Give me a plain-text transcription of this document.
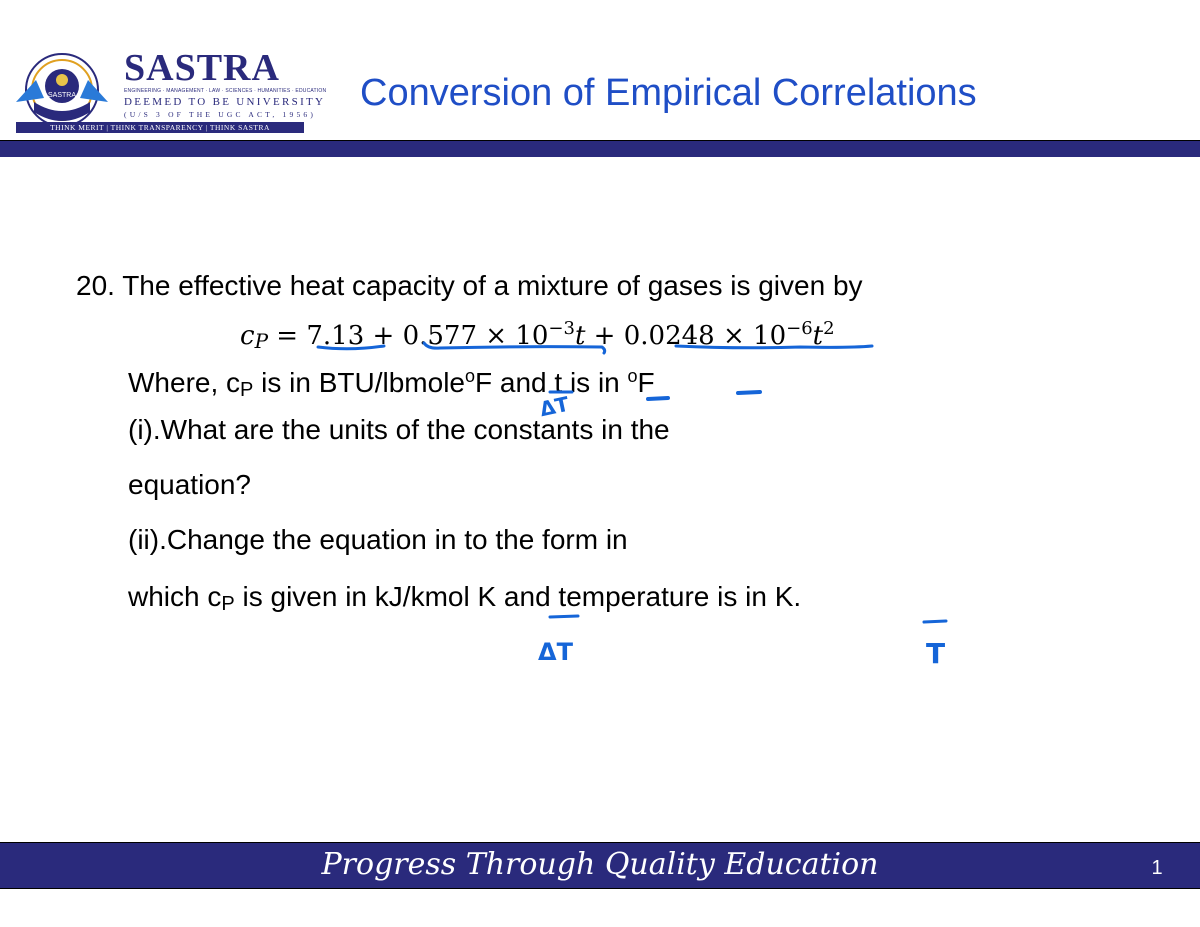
SASTRA
SASTRA
ENGINEERING · MANAGEMENT · LAW · SCIENCES · HUMANITIES · EDUCATION
DEEMED TO BE UNIVERSITY
(U/S 3 OF THE UGC ACT, 1956)
THINK MERIT | THINK TRANSPARENCY | THINK SASTRA
Conversion of Empirical Correlations
20. The effective heat capacity of a mixture of gases is given by
$c_P = 7.13 + 0.577 \times 10^{-3}t + 0.0248 \times 10^{-6}t^2$
Where, $c_P$ is in BTU/lbmole$^o$F and t is in $^o$F
(i).What are the units of the constants in the
equation?
(ii).Change the equation in to the form in
which $c_P$ is given in kJ/kmol K and temperature is in K.
ΔT
ΔT	T
Progress Through Quality Education	1
